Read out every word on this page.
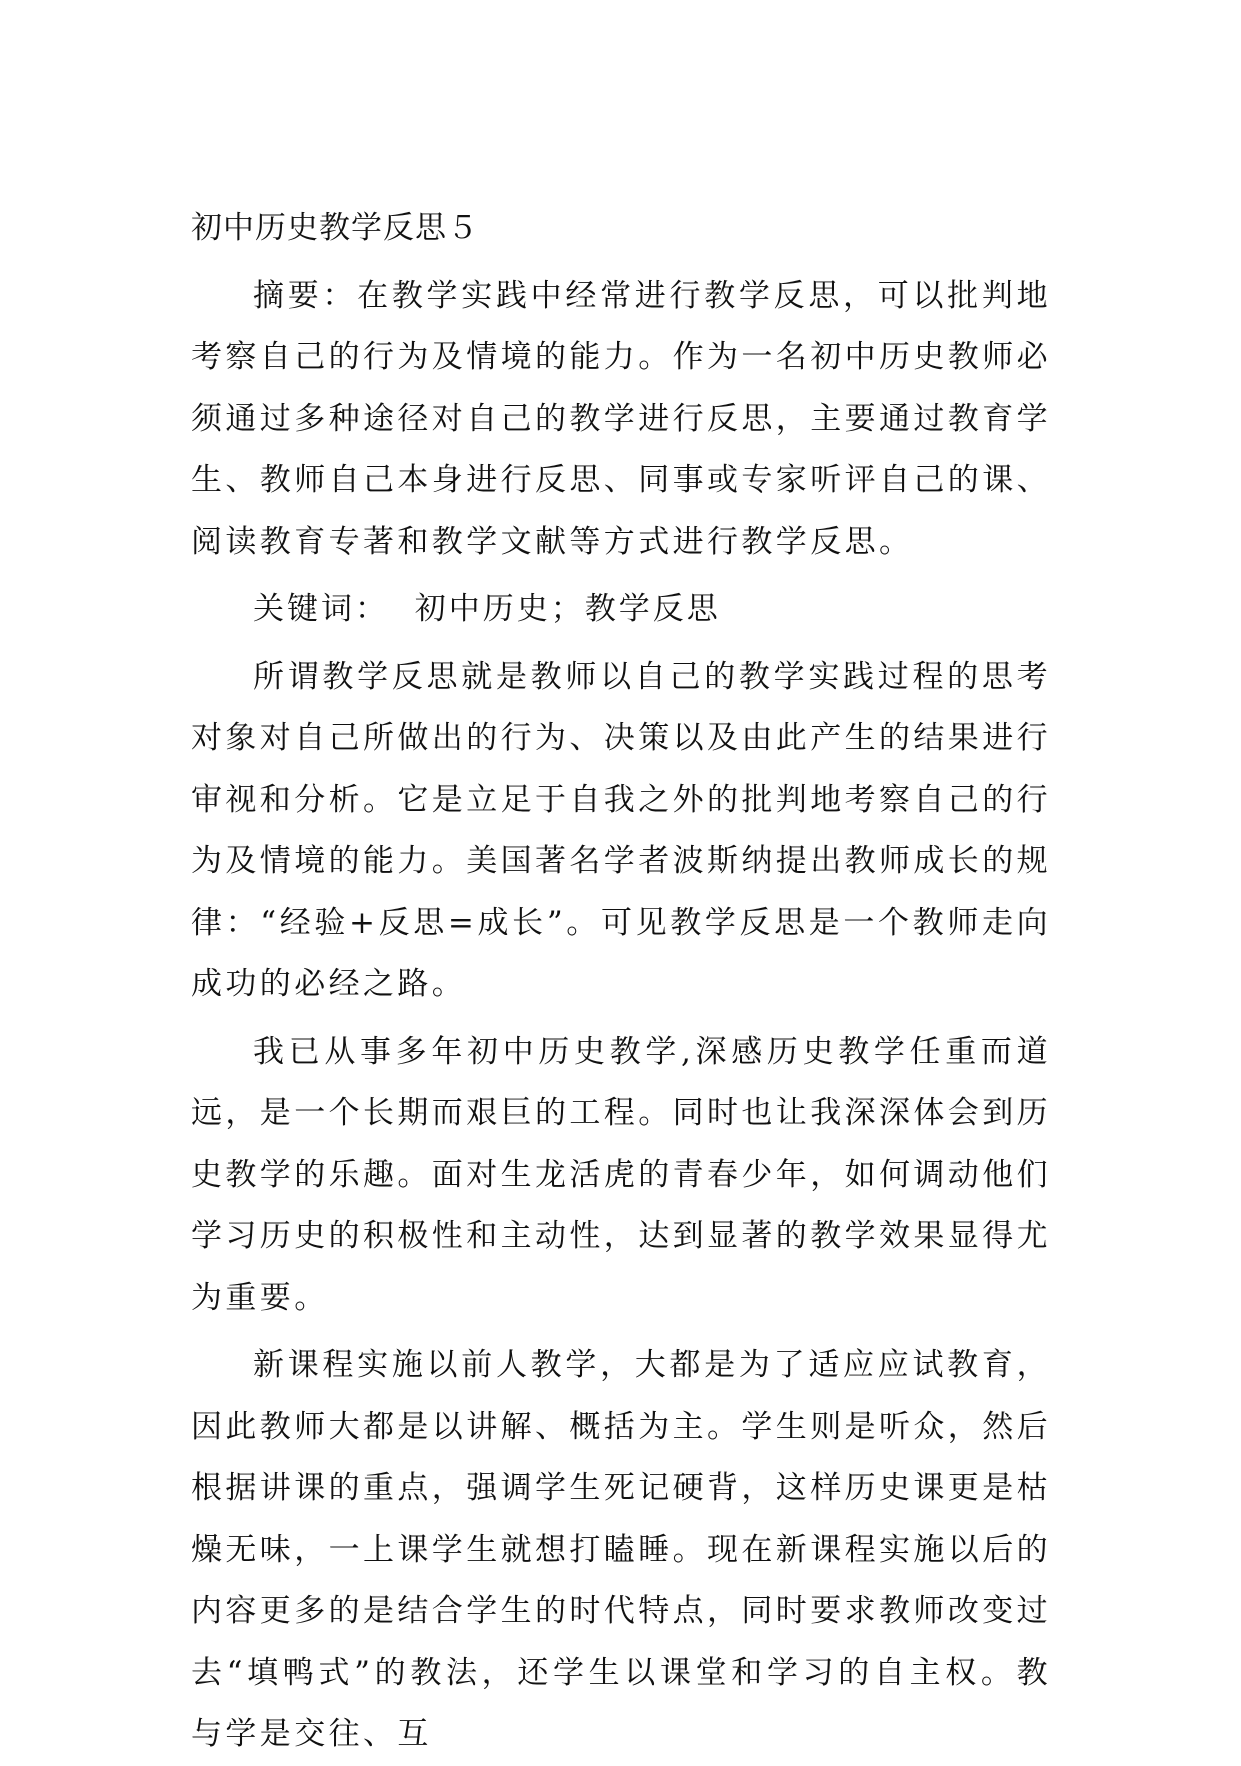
初中历史教学反思５

摘要：在教学实践中经常进行教学反思，可以批判地考察自己的行为及情境的能力。作为一名初中历史教师必须通过多种途径对自己的教学进行反思，主要通过教育学生、教师自己本身进行反思、同事或专家听评自己的课、阅读教育专著和教学文献等方式进行教学反思。

关键词： 初中历史；教学反思

所谓教学反思就是教师以自己的教学实践过程的思考对象对自己所做出的行为、决策以及由此产生的结果进行审视和分析。它是立足于自我之外的批判地考察自己的行为及情境的能力。美国著名学者波斯纳提出教师成长的规律：“经验+反思=成长”。可见教学反思是一个教师走向成功的必经之路。

我已从事多年初中历史教学,深感历史教学任重而道远，是一个长期而艰巨的工程。同时也让我深深体会到历史教学的乐趣。面对生龙活虎的青春少年，如何调动他们学习历史的积极性和主动性，达到显著的教学效果显得尤为重要。

新课程实施以前人教学，大都是为了适应应试教育，因此教师大都是以讲解、概括为主。学生则是听众，然后根据讲课的重点，强调学生死记硬背，这样历史课更是枯燥无味，一上课学生就想打瞌睡。现在新课程实施以后的内容更多的是结合学生的时代特点，同时要求教师改变过去“填鸭式”的教法，还学生以课堂和学习的自主权。教与学是交往、互
